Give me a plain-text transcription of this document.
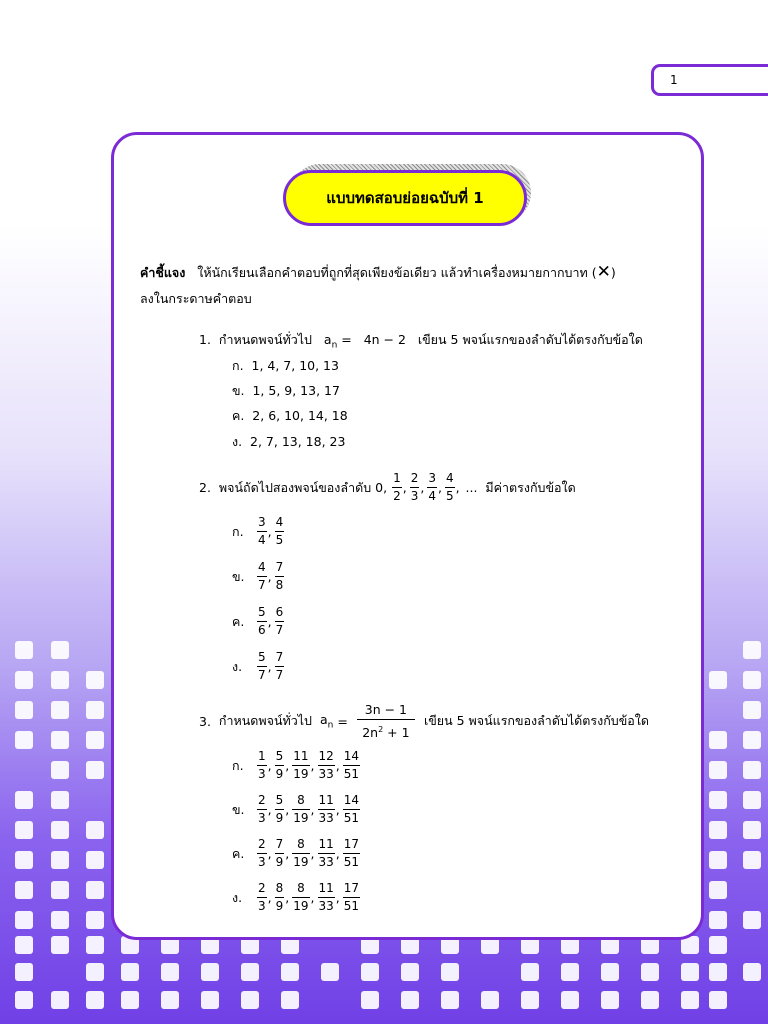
1
แบบทดสอบย่อยฉบับที่ 1
คำชี้แจง ให้นักเรียนเลือกคำตอบที่ถูกที่สุดเพียงข้อเดียว แล้วทำเครื่องหมายกากบาท (✕)
ลงในกระดาษคำตอบ
1. กำหนดพจน์ทั่วไป $a_n = 4n - 2$ เขียน 5 พจน์แรกของลำดับได้ตรงกับข้อใด
ก. 1, 4, 7, 10, 13
ข. 1, 5, 9, 13, 17
ค. 2, 6, 10, 14, 18
ง. 2, 7, 13, 18, 23
2.
พจน์ถัดไปสองพจน์ของลำดับ
0,
$\frac{1}{2}$ , $\frac{2}{3}$ , $\frac{3}{4}$ , $\frac{4}{5}$ ,
...
มีค่าตรงกับข้อใด
ก.	$\frac{3}{4}$ , $\frac{4}{5}$
ข.	$\frac{4}{7}$ , $\frac{7}{8}$
ค.	$\frac{5}{6}$ , $\frac{6}{7}$
ง.	$\frac{5}{7}$ , $\frac{7}{7}$
3.
กำหนดพจน์ทั่วไป
$a_n$
=
$\frac{3n - 1}{2n^2 + 1}$
เขียน 5 พจน์แรกของลำดับได้ตรงกับข้อใด
ก.	$\frac{1}{3}$ , $\frac{5}{9}$ , $\frac{11}{19}$ , $\frac{12}{33}$ , $\frac{14}{51}$
ข.	$\frac{2}{3}$ , $\frac{5}{9}$ , $\frac{8}{19}$ , $\frac{11}{33}$ , $\frac{14}{51}$
ค.	$\frac{2}{3}$ , $\frac{7}{9}$ , $\frac{8}{19}$ , $\frac{11}{33}$ , $\frac{17}{51}$
ง.	$\frac{2}{3}$ , $\frac{8}{9}$ , $\frac{8}{19}$ , $\frac{11}{33}$ , $\frac{17}{51}$
